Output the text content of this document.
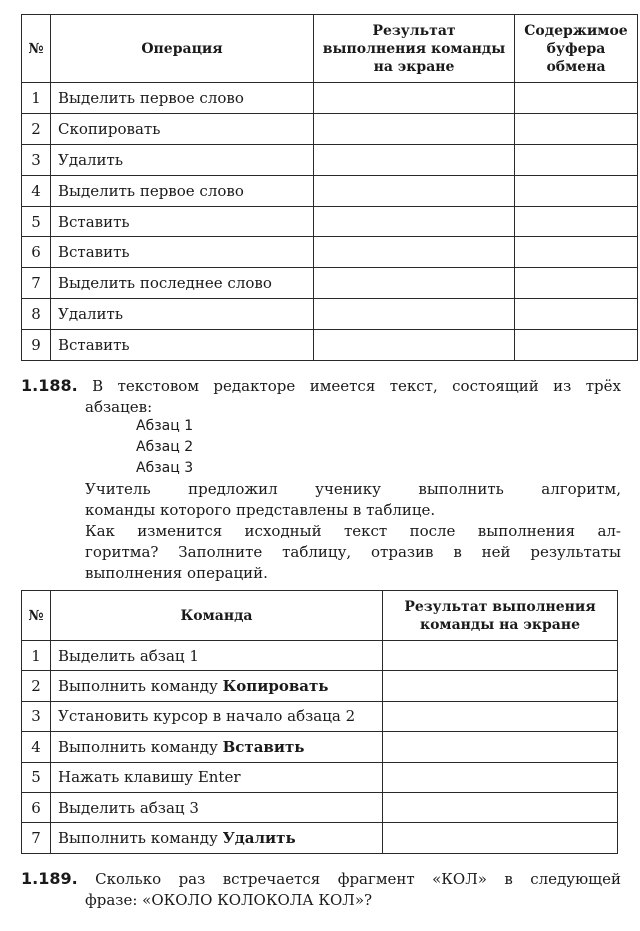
№	Операция	Результат выполнения команды на экране	Содержимое буфера обмена
1	Выделить первое слово		
2	Скопировать		
3	Удалить		
4	Выделить первое слово		
5	Вставить		
6	Вставить		
7	Выделить последнее слово		
8	Удалить		
9	Вставить		
1.188. В текстовом редакторе имеется текст, состоящий из трёх
абзацев:
Абзац 1
Абзац 2
Абзац 3
Учитель предложил ученику выполнить алгоритм,
команды которого представлены в таблице.
Как изменится исходный текст после выполнения ал-
горитма? Заполните таблицу, отразив в ней результаты
выполнения операций.
№	Команда	Результат выполнения команды на экране
1	Выделить абзац 1	
2	Выполнить команду Копировать	
3	Установить курсор в начало абзаца 2	
4	Выполнить команду Вставить	
5	Нажать клавишу Enter	
6	Выделить абзац 3	
7	Выполнить команду Удалить	
1.189. Сколько раз встречается фрагмент «КОЛ» в следующей
фразе: «ОКОЛО КОЛОКОЛА КОЛ»?
